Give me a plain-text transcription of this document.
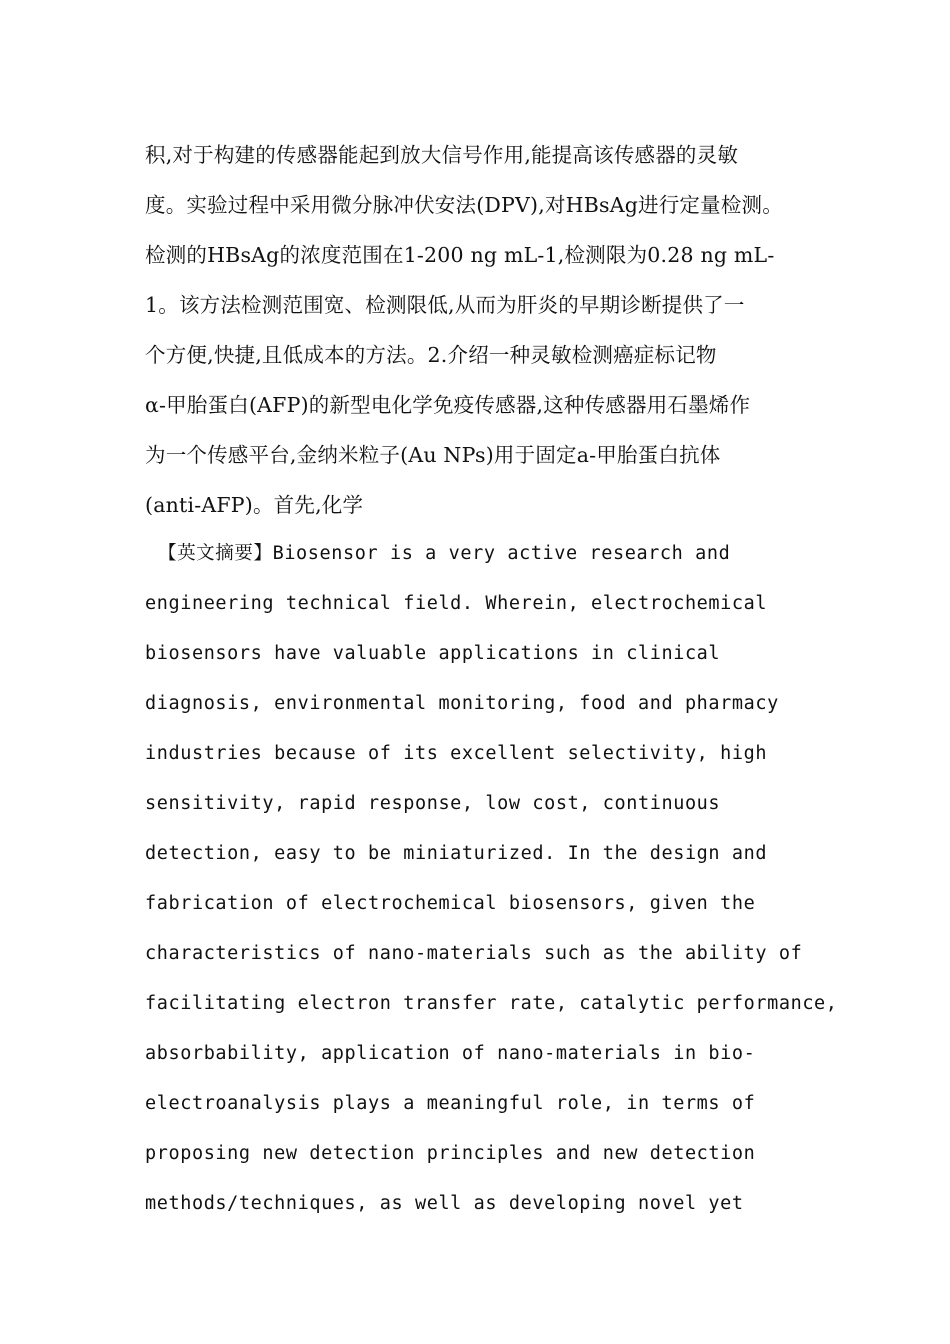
积,对于构建的传感器能起到放大信号作用,能提高该传感器的灵敏
度。实验过程中采用微分脉冲伏安法(DPV),对HBsAg进行定量检测。
检测的HBsAg的浓度范围在1-200 ng mL-1,检测限为0.28 ng mL-
1。该方法检测范围宽、检测限低,从而为肝炎的早期诊断提供了一
个方便,快捷,且低成本的方法。2.介绍一种灵敏检测癌症标记物
α-甲胎蛋白(AFP)的新型电化学免疫传感器,这种传感器用石墨烯作
为一个传感平台,金纳米粒子(Au NPs)用于固定a-甲胎蛋白抗体
(anti-AFP)。首先,化学
【英文摘要】Biosensor is a very active research and
engineering technical field. Wherein, electrochemical
biosensors have valuable applications in clinical
diagnosis, environmental monitoring, food and pharmacy
industries because of its excellent selectivity, high
sensitivity, rapid response, low cost, continuous
detection, easy to be miniaturized. In the design and
fabrication of electrochemical biosensors, given the
characteristics of nano-materials such as the ability of
facilitating electron transfer rate, catalytic performance,
absorbability, application of nano-materials in bio-
electroanalysis plays a meaningful role, in terms of
proposing new detection principles and new detection
methods/techniques, as well as developing novel yet
